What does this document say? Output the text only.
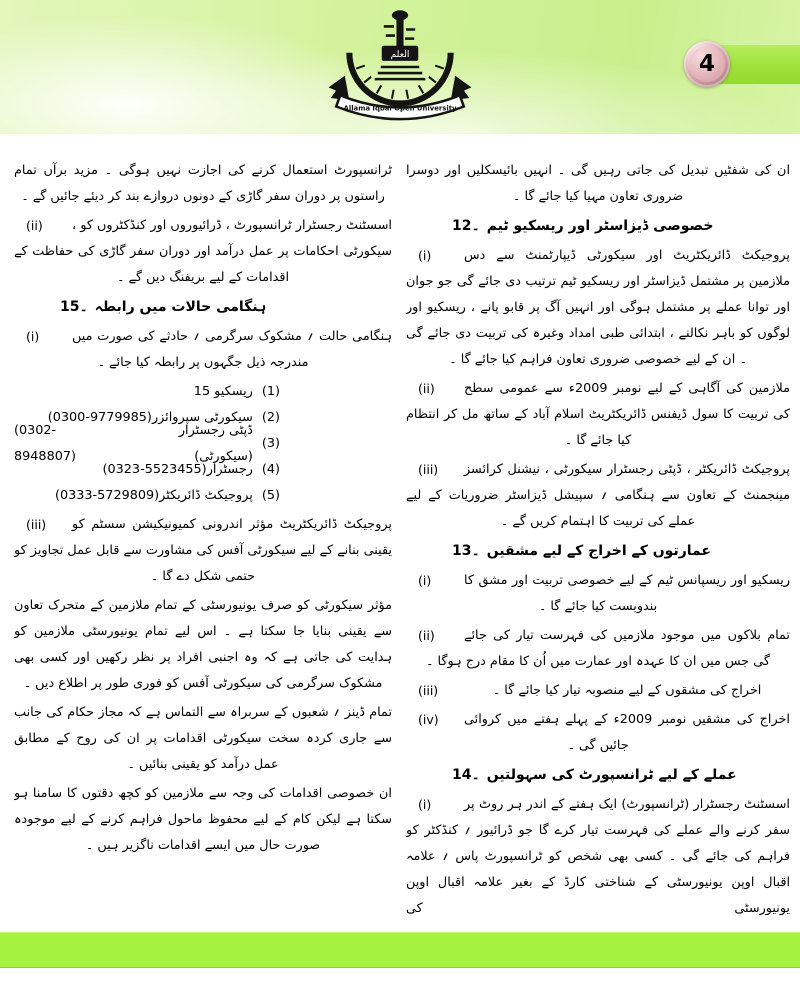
4
العلم
Allama Iqbal Open University

ان کی شفٹیں تبدیل کی جاتی رہیں گی ۔ انہیں بائیسکلیں اور دوسرا ضروری تعاون مہیا کیا جائے گا ۔

12۔ خصوصی ڈیزاسٹر اور ریسکیو ٹیم
(i)	پروجیکٹ ڈائریکٹریٹ اور سیکورٹی ڈیپارٹمنٹ سے دس ملازمین پر مشتمل ڈیزاسٹر اور ریسکیو ٹیم ترتیب دی جائے گی جو جوان اور توانا عملے پر مشتمل ہوگی اور انہیں آگ پر قابو پانے ، ریسکیو اور لوگوں کو باہر نکالنے ، ابتدائی طبی امداد وغیرہ کی تربیت دی جائے گی ۔ ان کے لیے خصوصی ضروری تعاون فراہم کیا جائے گا ۔
(ii)	ملازمین کی آگاہی کے لیے نومبر 2009ء سے عمومی سطح کی تربیت کا سول ڈیفنس ڈائریکٹریٹ اسلام آباد کے ساتھ مل کر انتظام کیا جائے گا ۔
(iii)	پروجیکٹ ڈائریکٹر ، ڈپٹی رجسٹرار سیکورٹی ، نیشنل کرائسز مینجمنٹ کے تعاون سے ہنگامی ؍ سپیشل ڈیزاسٹر ضروریات کے لیے عملے کی تربیت کا اہتمام کریں گے ۔
13۔ عمارتوں کے اخراج کے لیے مشقیں
(i)	ریسکیو اور ریسپانس ٹیم کے لیے خصوصی تربیت اور مشق کا بندوبست کیا جائے گا ۔
(ii)	تمام بلاکوں میں موجود ملازمیں کی فہرست تیار کی جائے گی جس میں ان کا عہدہ اور عمارت میں اُن کا مقام درج ہوگا ۔
(iii)	اخراج کی مشقوں کے لیے منصوبہ تیار کیا جائے گا ۔
(iv)	اخراج کی مشقیں نومبر 2009ء کے پہلے ہفتے میں کروائی جائیں گی ۔
14۔ عملے کے لیے ٹرانسپورٹ کی سہولتیں
(i)	اسسٹنٹ رجسٹرار (ٹرانسپورٹ) ایک ہفتے کے اندر ہر روٹ پر سفر کرنے والے عملے کی فہرست تیار کرے گا جو ڈرائیور ؍ کنڈکٹر کو فراہم کی جائے گی ۔ کسی بھی شخص کو ٹرانسپورٹ پاس ؍ علامہ اقبال اوپن یونیورسٹی کے شناختی کارڈ کے بغیر علامہ اقبال اوپن یونیورسٹی کی

ٹرانسپورٹ استعمال کرنے کی اجازت نہیں ہوگی ۔ مزید برآں تمام راستوں پر دوران سفر گاڑی کے دونوں دروازے بند کر دیئے جائیں گے ۔

(ii)	اسسٹنٹ رجسٹرار ٹرانسپورٹ ، ڈرائیوروں اور کنڈکٹروں کو ، سیکورٹی احکامات پر عمل درآمد اور دوران سفر گاڑی کی حفاظت کے اقدامات کے لیے بریفنگ دیں گے ۔
15۔ ہنگامی حالات میں رابطہ
(i)	ہنگامی حالت ؍ مشکوک سرگرمی ؍ حادثے کی صورت میں مندرجہ ذیل جگہوں پر رابطہ کیا جائے ۔
(1)
ریسکیو 15
(2)
سیکورٹی سپروائزر
(0300-9779985)
(3)
ڈپٹی رجسٹرار (سیکورٹی)
(0302-8948807)
(4)
رجسٹرار
(0323-5523455)
(5)
پروجیکٹ ڈائریکٹر
(0333-5729809)
(iii)	پروجیکٹ ڈائریکٹریٹ مؤثر اندرونی کمیونیکیشن سسٹم کو یقینی بنانے کے لیے سیکورٹی آفس کی مشاورت سے قابل عمل تجاویز کو حتمی شکل دے گا ۔

مؤثر سیکورٹی کو صرف یونیورسٹی کے تمام ملازمین کے متحرک تعاون سے یقینی بنایا جا سکتا ہے ۔ اس لیے تمام یونیورسٹی ملازمین کو ہدایت کی جاتی ہے کہ وہ اجنبی افراد پر نظر رکھیں اور کسی بھی مشکوک سرگرمی کی سیکورٹی آفس کو فوری طور پر اطلاع دیں ۔

تمام ڈینز ؍ شعبوں کے سربراہ سے التماس ہے کہ مجاز حکام کی جانب سے جاری کردہ سخت سیکورٹی اقدامات پر ان کی روح کے مطابق عمل درآمد کو یقینی بنائیں ۔

ان خصوصی اقدامات کی وجہ سے ملازمین کو کچھ دقتوں کا سامنا ہو سکتا ہے لیکن کام کے لیے محفوظ ماحول فراہم کرنے کے لیے موجودہ صورت حال میں ایسے اقدامات ناگزیر ہیں ۔
